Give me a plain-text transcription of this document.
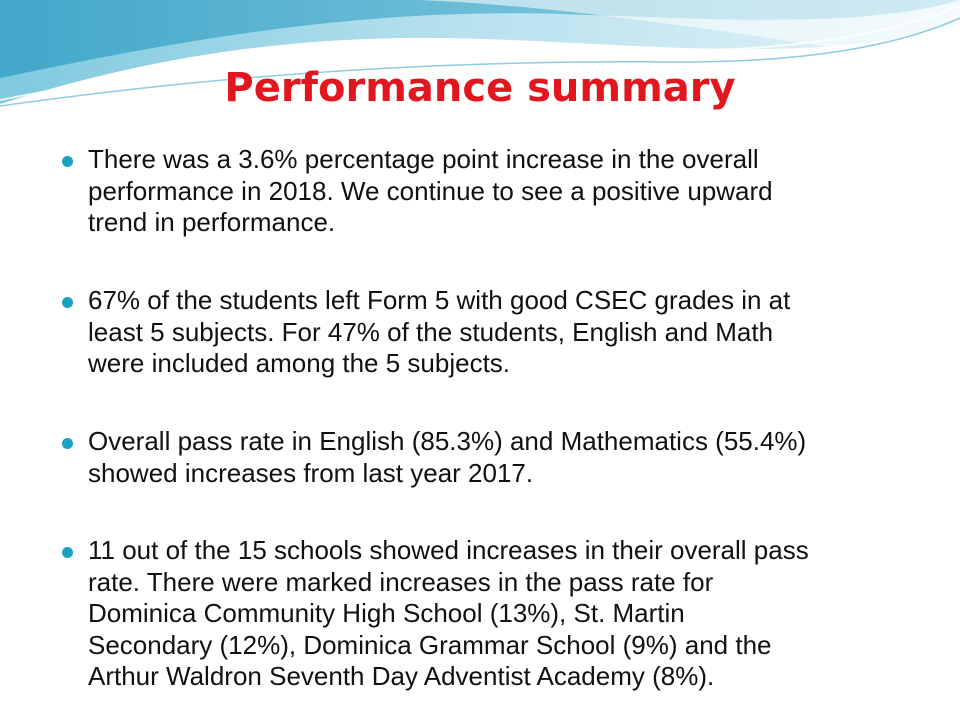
Performance summary

There was a 3.6% percentage point increase in the overall
performance in 2018. We continue to see a positive upward
trend in performance.

67% of the students left Form 5 with good CSEC grades in at
least 5 subjects. For 47% of the students, English and Math
were included among the 5 subjects.

Overall pass rate in English (85.3%) and Mathematics (55.4%)
showed increases from last year 2017.

11 out of the 15 schools showed increases in their overall pass
rate. There were marked increases in the pass rate for
Dominica Community High School (13%), St. Martin
Secondary (12%), Dominica Grammar School (9%) and the
Arthur Waldron Seventh Day Adventist Academy (8%).
